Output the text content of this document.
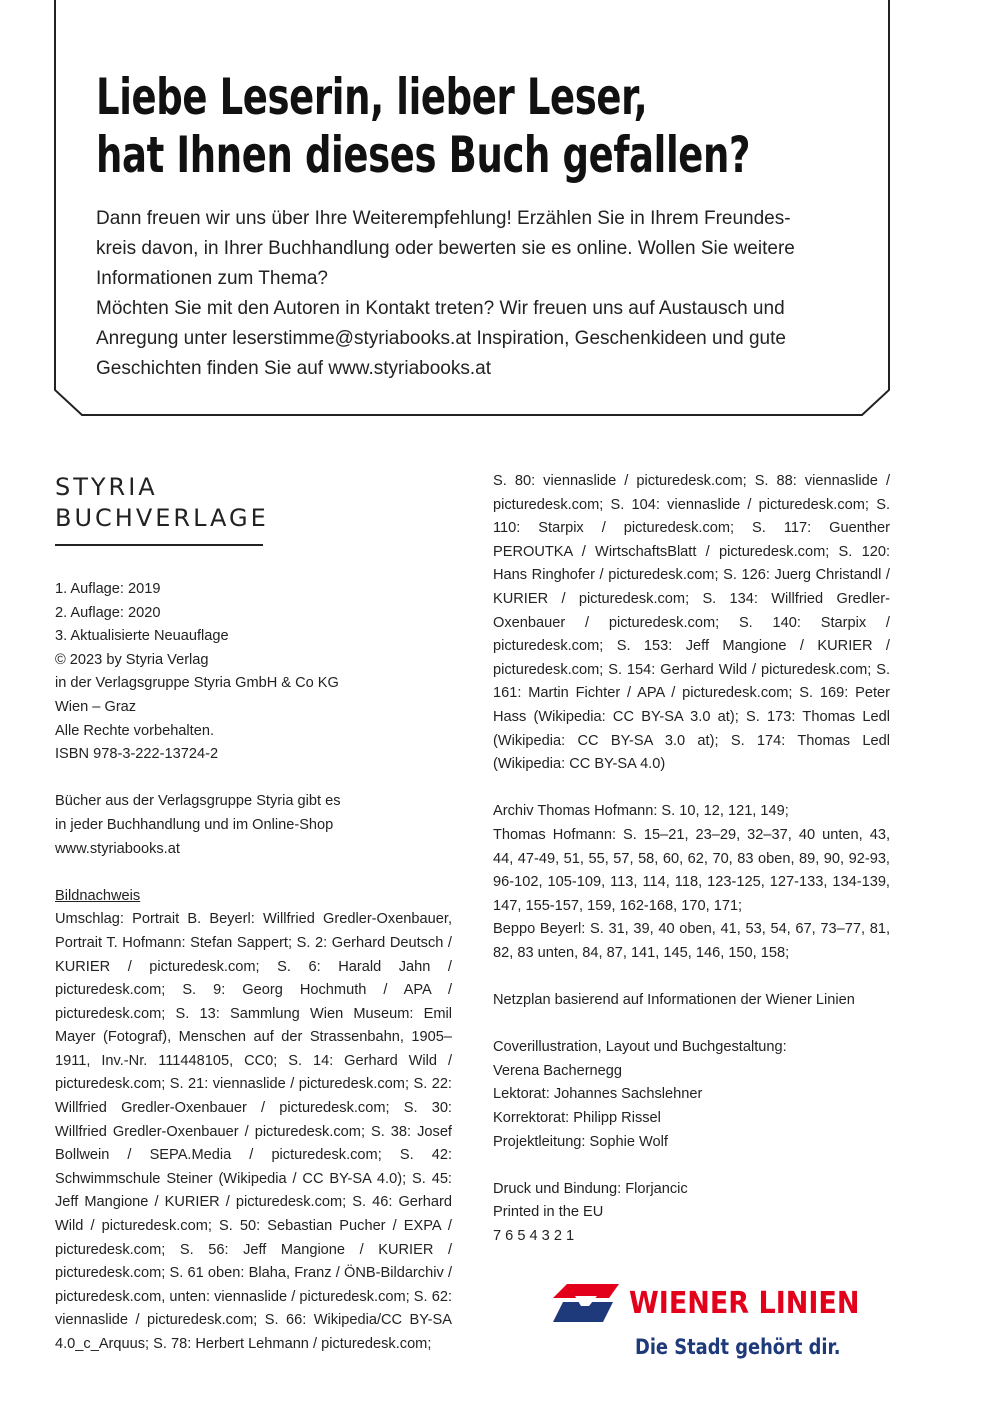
Liebe Leserin, lieber Leser,
hat Ihnen dieses Buch gefallen?

Dann freuen wir uns über Ihre Weiterempfehlung! Erzählen Sie in Ihrem Freundes-

kreis davon, in Ihrer Buchhandlung oder bewerten sie es online. Wollen Sie weitere

Informationen zum Thema?

Möchten Sie mit den Autoren in Kontakt treten? Wir freuen uns auf Austausch und

Anregung unter leserstimme@styriabooks.at Inspiration, Geschenkideen und gute

Geschichten finden Sie auf www.styriabooks.at

STYRIA
BUCHVERLAGE

1. Auflage: 2019

2. Auflage: 2020

3. Aktualisierte Neuauflage

© 2023 by Styria Verlag

in der Verlagsgruppe Styria GmbH & Co KG

Wien – Graz

Alle Rechte vorbehalten.

ISBN 978-3-222-13724-2

Bücher aus der Verlagsgruppe Styria gibt es

in jeder Buchhandlung und im Online-Shop

www.styriabooks.at

Bildnachweis

Umschlag: Portrait B. Beyerl: Willfried Gredler-Oxenbauer, Portrait T. Hofmann: Stefan Sappert; S. 2: Gerhard Deutsch / KURIER / picturedesk.com; S. 6: Harald Jahn / picturedesk.com; S. 9: Georg Hochmuth / APA / picturedesk.com; S. 13: Sammlung Wien Museum: Emil Mayer (Fotograf), Menschen auf der Strassenbahn, 1905–1911, Inv.-Nr. 111448105, CC0; S. 14: Gerhard Wild / picturedesk.com; S. 21: viennaslide / picturedesk.com; S. 22: Willfried Gredler-Oxenbauer / picturedesk.com; S. 30: Willfried Gredler-Oxenbauer / picturedesk.com; S. 38: Josef Bollwein / SEPA.Media / picturedesk.com; S. 42: Schwimmschule Steiner (Wikipedia / CC BY-SA 4.0); S. 45: Jeff Mangione / KURIER / picturedesk.com; S. 46: Gerhard Wild / picturedesk.com; S. 50: Sebastian Pucher / EXPA / picturedesk.com; S. 56: Jeff Mangione / KURIER / picturedesk.com; S. 61 oben: Blaha, Franz / ÖNB-Bildarchiv / picturedesk.com, unten: viennaslide / picturedesk.com; S. 62: viennaslide / picturedesk.com; S. 66: Wikipedia/CC BY-SA 4.0_c_Arquus; S. 78: Herbert Lehmann / picturedesk.com;

S. 80: viennaslide / picturedesk.com; S. 88: viennaslide / picturedesk.com; S. 104: viennaslide / picturedesk.com; S. 110: Starpix / picturedesk.com; S. 117: Guenther PEROUTKA / WirtschaftsBlatt / picturedesk.com; S. 120: Hans Ringhofer / picturedesk.com; S. 126: Juerg Christandl / KURIER / picturedesk.com; S. 134: Willfried Gredler-Oxenbauer / picturedesk.com; S. 140: Starpix / picturedesk.com; S. 153: Jeff Mangione / KURIER / picturedesk.com; S. 154: Gerhard Wild / picturedesk.com; S. 161: Martin Fichter / APA / picturedesk.com; S. 169: Peter Hass (Wikipedia: CC BY-SA 3.0 at); S. 173: Thomas Ledl (Wikipedia: CC BY-SA 3.0 at); S. 174: Thomas Ledl (Wikipedia: CC BY-SA 4.0)

Archiv Thomas Hofmann: S. 10, 12, 121, 149;

Thomas Hofmann: S. 15–21, 23–29, 32–37, 40 unten, 43, 44, 47-49, 51, 55, 57, 58, 60, 62, 70, 83 oben, 89, 90, 92-93, 96-102, 105-109, 113, 114, 118, 123-125, 127-133, 134-139, 147, 155-157, 159, 162-168, 170, 171;

Beppo Beyerl: S. 31, 39, 40 oben, 41, 53, 54, 67, 73–77, 81, 82, 83 unten, 84, 87, 141, 145, 146, 150, 158;

Netzplan basierend auf Informationen der Wiener Linien

Coverillustration, Layout und Buchgestaltung:

Verena Bachernegg

Lektorat: Johannes Sachslehner

Korrektorat: Philipp Rissel

Projektleitung: Sophie Wolf

Druck und Bindung: Florjancic

Printed in the EU

7 6 5 4 3 2 1

WIENER LINIEN
Die Stadt gehört dir.
